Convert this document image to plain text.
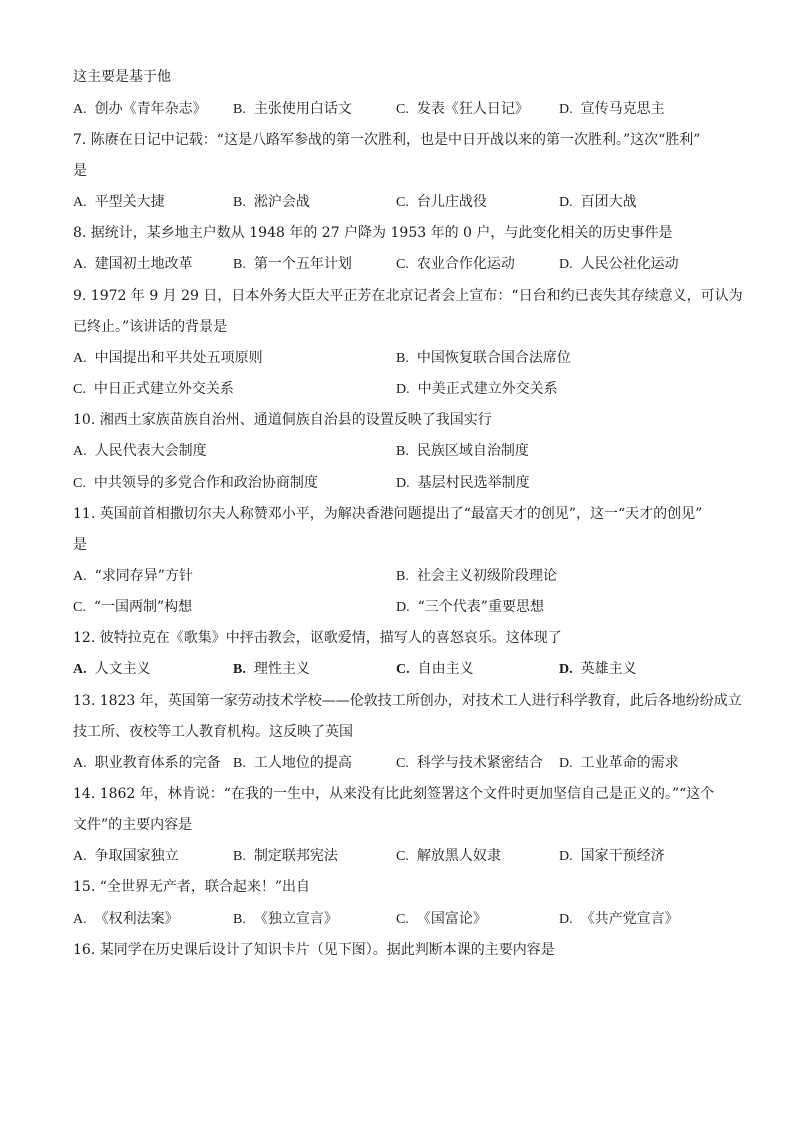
这主要是基于他
A. 创办《青年杂志》 B. 主张使用白话文	C. 发表《狂人日记》 D. 宣传马克思主
7. 陈赓在日记中记载：“这是八路军参战的第一次胜利，也是中日开战以来的第一次胜利。”这次“胜利”
是
A. 平型关大捷	B. 淞沪会战	C. 台儿庄战役	D. 百团大战
8. 据统计，某乡地主户数从 1948 年的 27 户降为 1953 年的 0 户，与此变化相关的历史事件是
A. 建国初土地改革	B. 第一个五年计划	C. 农业合作化运动	D. 人民公社化运动
9. 1972 年 9 月 29 日，日本外务大臣大平正芳在北京记者会上宣布：“日台和约已丧失其存续意义，可认为
已终止。”该讲话的背景是
A. 中国提出和平共处五项原则	B. 中国恢复联合国合法席位
C. 中日正式建立外交关系	D. 中美正式建立外交关系
10. 湘西土家族苗族自治州、通道侗族自治县的设置反映了我国实行
A. 人民代表大会制度	B. 民族区域自治制度
C. 中共领导的多党合作和政治协商制度	D. 基层村民选举制度
11. 英国前首相撒切尔夫人称赞邓小平，为解决香港问题提出了“最富天才的创见”，这一“天才的创见”
是
A. “求同存异”方针	B. 社会主义初级阶段理论
C. “一国两制”构想	D. “三个代表”重要思想
12. 彼特拉克在《歌集》中抨击教会，讴歌爱情，描写人的喜怒哀乐。这体现了
A. 人文主义	B. 理性主义	C. 自由主义	D. 英雄主义
13. 1823 年，英国第一家劳动技术学校——伦敦技工所创办，对技术工人进行科学教育，此后各地纷纷成立
技工所、夜校等工人教育机构。这反映了英国
A. 职业教育体系的完备 B. 工人地位的提高	C. 科学与技术紧密结合 D. 工业革命的需求
14. 1862 年，林肯说：“在我的一生中，从来没有比此刻签署这个文件时更加坚信自己是正义的。”“这个
文件”的主要内容是
A. 争取国家独立	B. 制定联邦宪法	C. 解放黑人奴隶	D. 国家干预经济
15. “全世界无产者，联合起来！”出自
A. 《权利法案》	B. 《独立宣言》	C. 《国富论》	D. 《共产党宣言》
16. 某同学在历史课后设计了知识卡片（见下图）。据此判断本课的主要内容是
